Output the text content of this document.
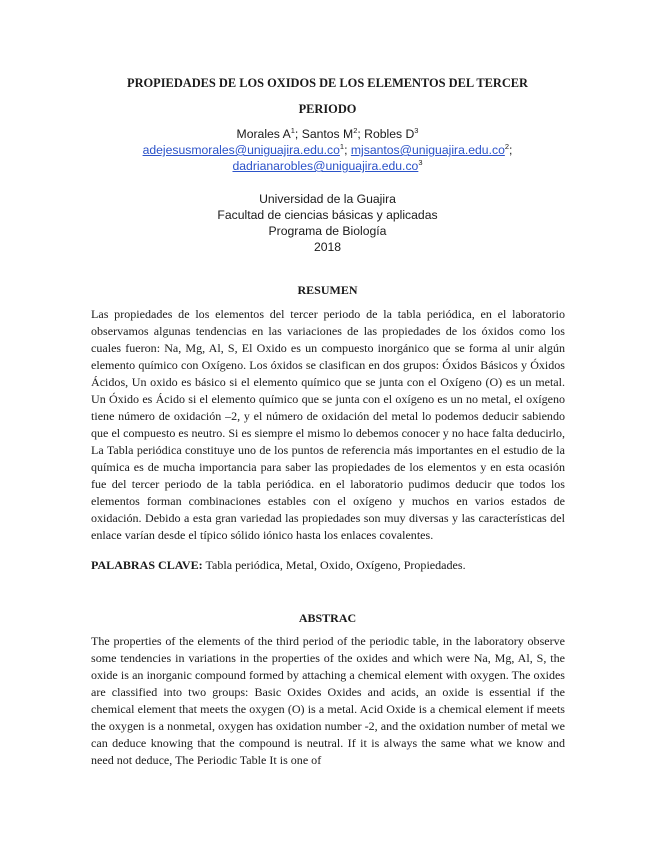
PROPIEDADES DE LOS OXIDOS DE LOS ELEMENTOS DEL TERCER
PERIODO
Morales $A^1$; Santos $M^2$; Robles $D^3$
$adejesusmorales@uniguajira.edu.co^1$; $mjsantos@uniguajira.edu.co^2$;
$dadrianarobles@uniguajira.edu.co^3$
Universidad de la Guajira
Facultad de ciencias básicas y aplicadas
Programa de Biología
2018
RESUMEN

Las propiedades de los elementos del tercer periodo de la tabla periódica, en el laboratorio observamos algunas tendencias en las variaciones de las propiedades de los óxidos como los cuales fueron: Na, Mg, Al, S, El Oxido es un compuesto inorgánico que se forma al unir algún elemento químico con Oxígeno. Los óxidos se clasifican en dos grupos: Óxidos Básicos y Óxidos Ácidos, Un oxido es básico si el elemento químico que se junta con el Oxígeno (O) es un metal. Un Óxido es Ácido si el elemento químico que se junta con el oxígeno es un no metal, el oxígeno tiene número de oxidación –2, y el número de oxidación del metal lo podemos deducir sabiendo que el compuesto es neutro. Si es siempre el mismo lo debemos conocer y no hace falta deducirlo, La Tabla periódica constituye uno de los puntos de referencia más importantes en el estudio de la química es de mucha importancia para saber las propiedades de los elementos y en esta ocasión fue del tercer periodo de la tabla periódica. en el laboratorio pudimos deducir que todos los elementos forman combinaciones estables con el oxígeno y muchos en varios estados de oxidación. Debido a esta gran variedad las propiedades son muy diversas y las características del enlace varían desde el típico sólido iónico hasta los enlaces covalentes.

PALABRAS CLAVE: Tabla periódica, Metal, Oxido, Oxígeno, Propiedades.

ABSTRAC

The properties of the elements of the third period of the periodic table, in the laboratory observe some tendencies in variations in the properties of the oxides and which were Na, Mg, Al, S, the oxide is an inorganic compound formed by attaching a chemical element with oxygen. The oxides are classified into two groups: Basic Oxides Oxides and acids, an oxide is essential if the chemical element that meets the oxygen (O) is a metal. Acid Oxide is a chemical element if meets the oxygen is a nonmetal, oxygen has oxidation number -2, and the oxidation number of metal we can deduce knowing that the compound is neutral. If it is always the same what we know and need not deduce, The Periodic Table It is one of
